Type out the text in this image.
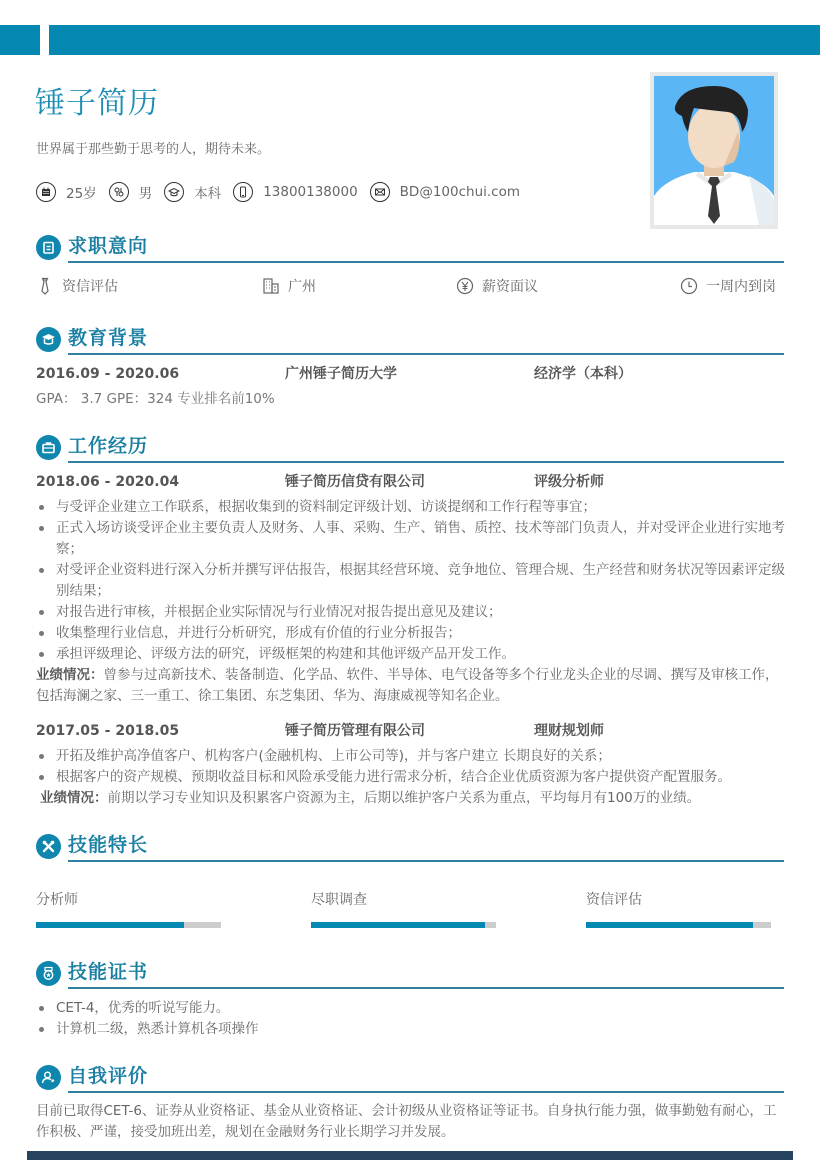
锤子简历
世界属于那些勤于思考的人，期待未来。
25岁	男	本科	13800138000	BD@100chui.com
求职意向
资信评估	广州	薪资面议	一周内到岗
教育背景
2016.09 - 2020.06	广州锤子简历大学	经济学（本科）
GPA： 3.7 GPE：324 专业排名前10%
工作经历
2018.06 - 2020.04	锤子简历信贷有限公司	评级分析师
与受评企业建立工作联系，根据收集到的资料制定评级计划、访谈提纲和工作行程等事宜；
正式入场访谈受评企业主要负责人及财务、人事、采购、生产、销售、质控、技术等部门负责人，并对受评企业进行实地考察；
对受评企业资料进行深入分析并撰写评估报告，根据其经营环境、竞争地位、管理合规、生产经营和财务状况等因素评定级别结果；
对报告进行审核，并根据企业实际情况与行业情况对报告提出意见及建议；
收集整理行业信息，并进行分析研究，形成有价值的行业分析报告；
承担评级理论、评级方法的研究，评级框架的构建和其他评级产品开发工作。
业绩情况：曾参与过高新技术、装备制造、化学品、软件、半导体、电气设备等多个行业龙头企业的尽调、撰写及审核工作，包括海澜之家、三一重工、徐工集团、东芝集团、华为、海康威视等知名企业。
2017.05 - 2018.05	锤子简历管理有限公司	理财规划师
开拓及维护高净值客户、机构客户(金融机构、上市公司等)，并与客户建立 长期良好的关系；
根据客户的资产规模、预期收益目标和风险承受能力进行需求分析，结合企业优质资源为客户提供资产配置服务。
业绩情况：前期以学习专业知识及积累客户资源为主，后期以维护客户关系为重点，平均每月有100万的业绩。
技能特长
分析师	尽职调查	资信评估
技能证书
CET-4，优秀的听说写能力。
计算机二级，熟悉计算机各项操作
自我评价
目前已取得CET-6、证券从业资格证、基金从业资格证、会计初级从业资格证等证书。自身执行能力强，做事勤勉有耐心，工作积极、严谨，接受加班出差，规划在金融财务行业长期学习并发展。
